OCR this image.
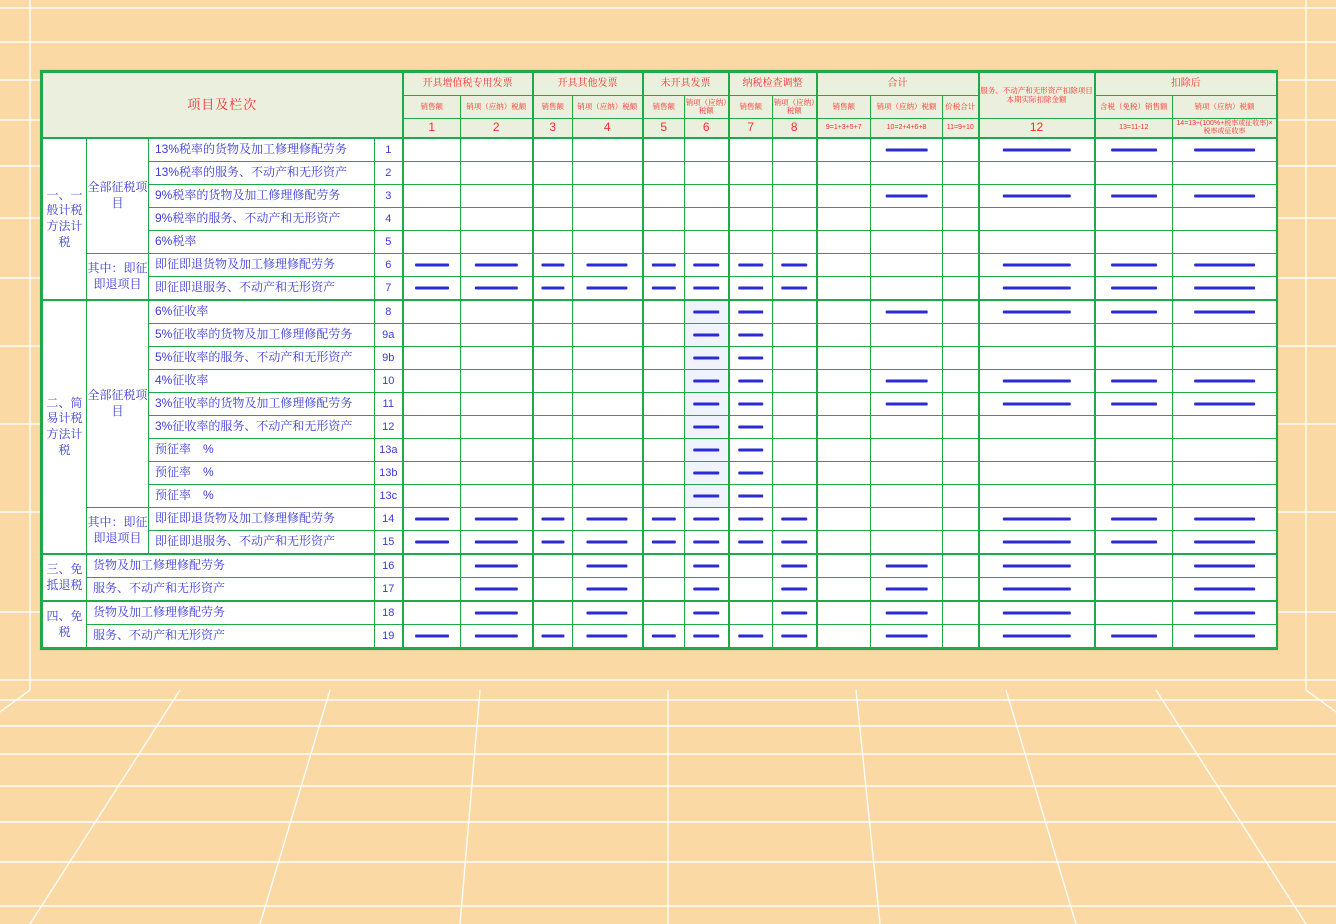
项目及栏次				开具增值税专用发票		开具其他发票		未开具发票		纳税检查调整		合计			服务、不动产和无形资产扣除项目本期实际扣除金额	扣除后	
				销售额	销项（应纳）税额	销售额	销项（应纳）税额	销售额	销项（应纳）税额	销售额	销项（应纳）税额	销售额	销项（应纳）税额	价税合计		含税（免税）销售额	销项（应纳）税额
				1	2	3	4	5	6	7	8	9=1+3+5+7	10=2+4+6+8	11=9+10	12	13=11-12	14=13÷(100%+税率或征收率)×税率或征收率
一、一般计税方法计税	全部征税项目	13%税率的货物及加工修理修配劳务	1														
		13%税率的服务、不动产和无形资产	2														
		9%税率的货物及加工修理修配劳务	3														
		9%税率的服务、不动产和无形资产	4														
		6%税率	5														
	其中：即征即退项目	即征即退货物及加工修理修配劳务	6														
		即征即退服务、不动产和无形资产	7														
二、简易计税方法计税	全部征税项目	6%征收率	8														
		5%征收率的货物及加工修理修配劳务	9a														
		5%征收率的服务、不动产和无形资产	9b														
		4%征收率	10														
		3%征收率的货物及加工修理修配劳务	11														
		3%征收率的服务、不动产和无形资产	12														
		预征率　%	13a														
		预征率　%	13b														
		预征率　%	13c														
	其中：即征即退项目	即征即退货物及加工修理修配劳务	14														
		即征即退服务、不动产和无形资产	15														
三、免抵退税	货物及加工修理修配劳务		16														
	服务、不动产和无形资产		17														
四、免税	货物及加工修理修配劳务		18														
	服务、不动产和无形资产		19														
